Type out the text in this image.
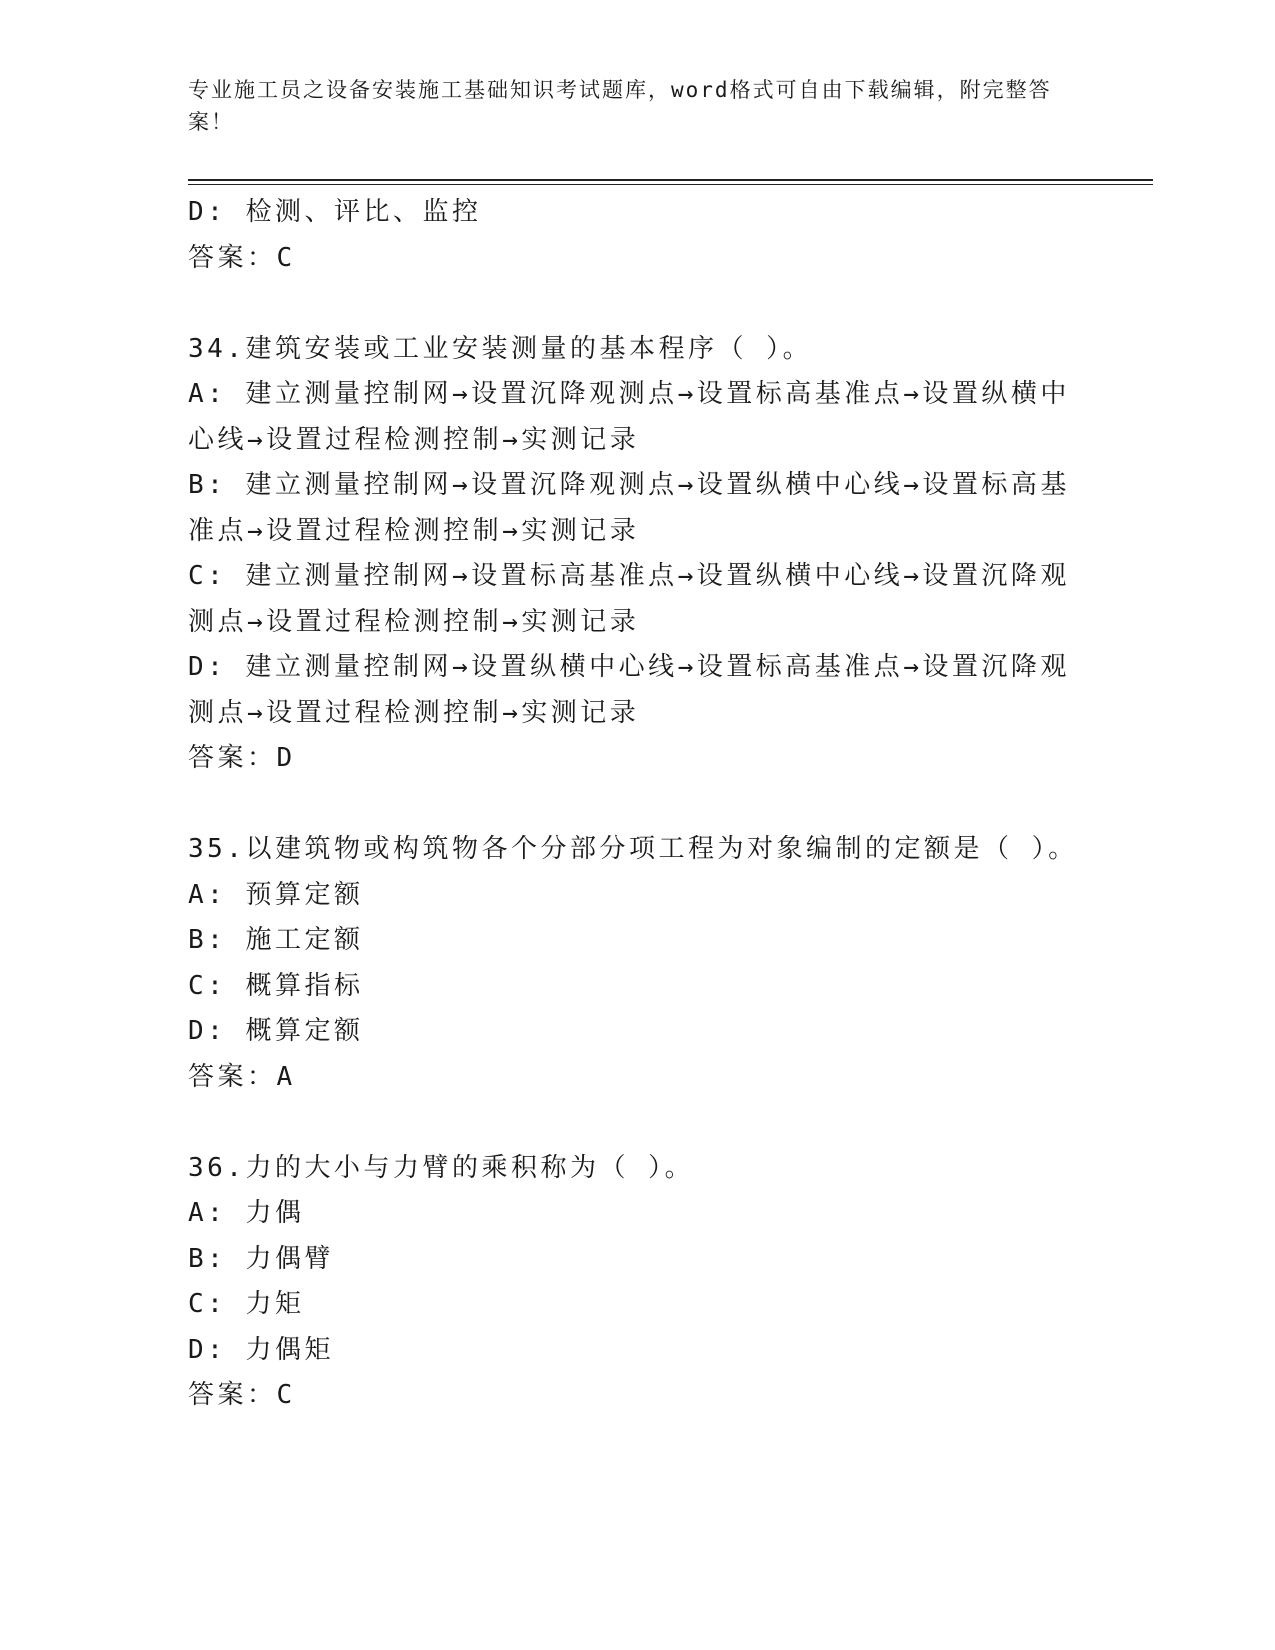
专业施工员之设备安装施工基础知识考试题库，word格式可自由下载编辑，附完整答案！

D: 检测、评比、监控

答案：C

34.建筑安装或工业安装测量的基本程序（ ）。

A: 建立测量控制网→设置沉降观测点→设置标高基准点→设置纵横中心线→设置过程检测控制→实测记录

B: 建立测量控制网→设置沉降观测点→设置纵横中心线→设置标高基准点→设置过程检测控制→实测记录

C: 建立测量控制网→设置标高基准点→设置纵横中心线→设置沉降观测点→设置过程检测控制→实测记录

D: 建立测量控制网→设置纵横中心线→设置标高基准点→设置沉降观测点→设置过程检测控制→实测记录

答案：D

35.以建筑物或构筑物各个分部分项工程为对象编制的定额是（ ）。

A: 预算定额

B: 施工定额

C: 概算指标

D: 概算定额

答案：A

36.力的大小与力臂的乘积称为（ ）。

A: 力偶

B: 力偶臂

C: 力矩

D: 力偶矩

答案：C
